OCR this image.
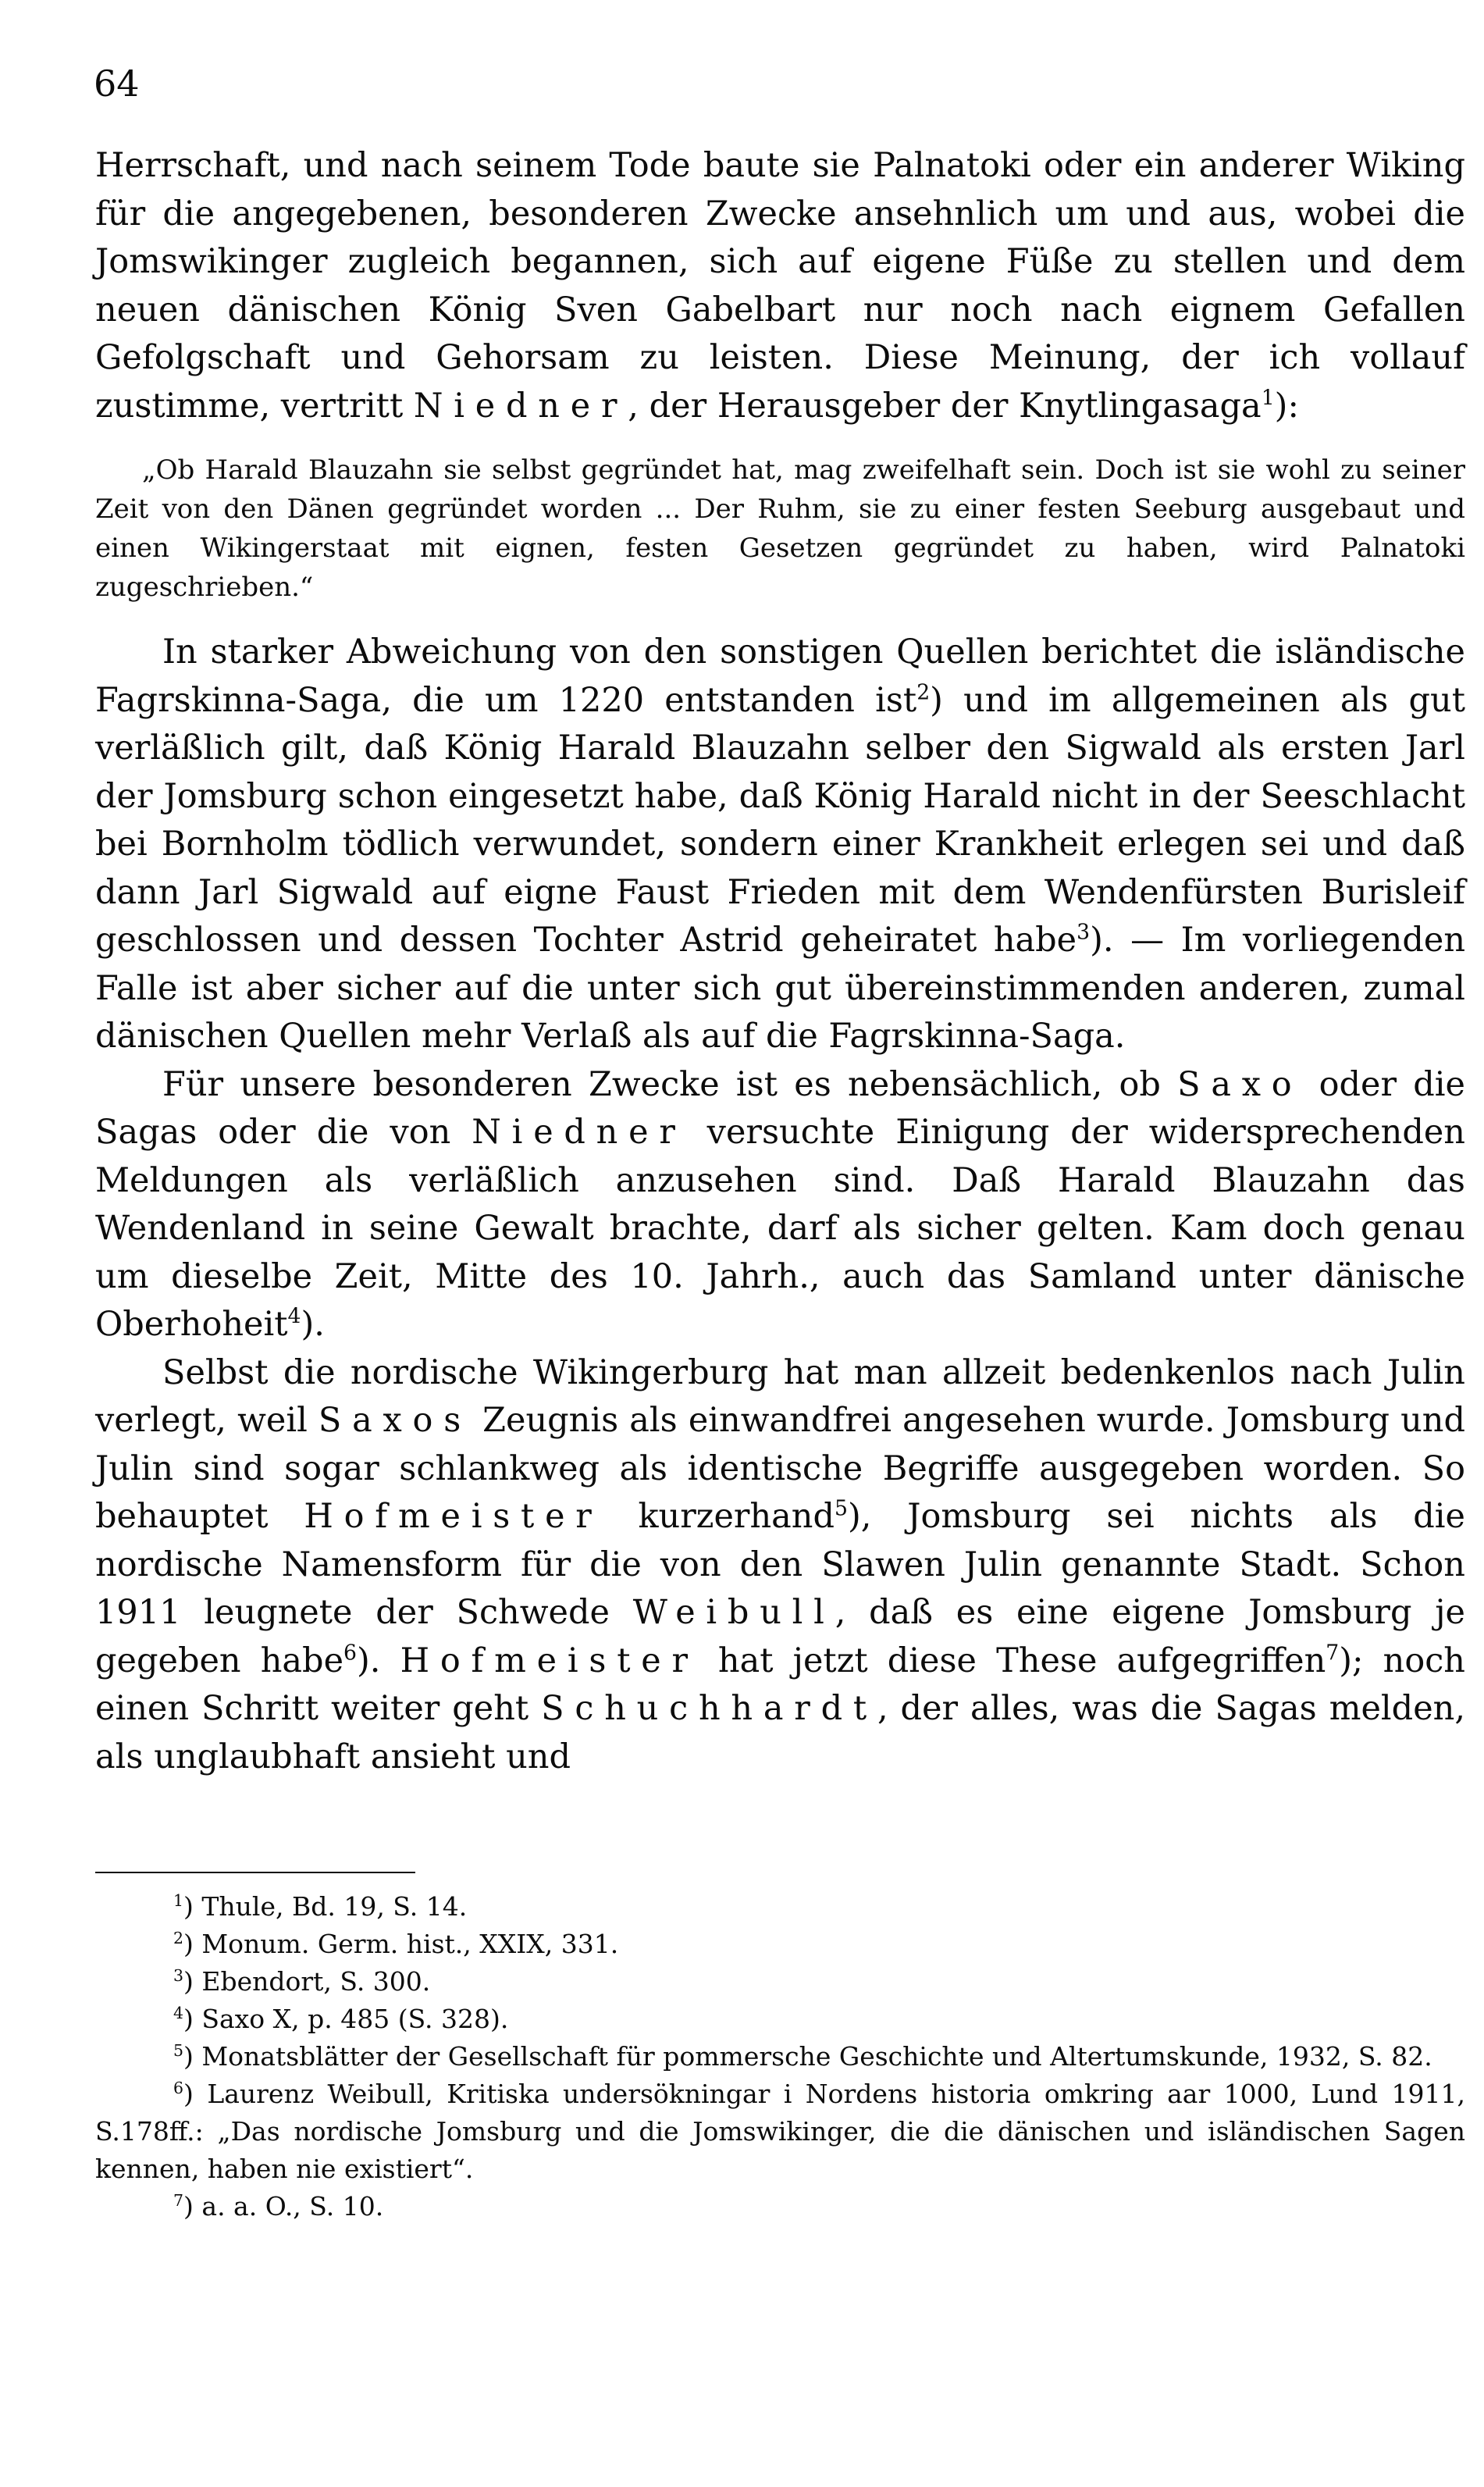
64

Herrschaft, und nach seinem Tode baute sie Palnatoki oder ein anderer Wiking für die angegebenen, besonderen Zwecke ansehnlich um und aus, wobei die Jomswikinger zugleich begannen, sich auf eigene Füße zu stellen und dem neuen dänischen König Sven Gabelbart nur noch nach eignem Gefallen Gefolgschaft und Gehorsam zu leisten. Diese Meinung, der ich vollauf zustimme, vertritt Niedner, der Herausgeber der Knytlingasaga$^1$):

„Ob Harald Blauzahn sie selbst gegründet hat, mag zweifelhaft sein. Doch ist sie wohl zu seiner Zeit von den Dänen gegründet worden ... Der Ruhm, sie zu einer festen Seeburg ausgebaut und einen Wikingerstaat mit eignen, festen Gesetzen gegründet zu haben, wird Palnatoki zugeschrieben.“

In starker Abweichung von den sonstigen Quellen berichtet die isländische Fagrskinna-Saga, die um 1220 entstanden ist$^2$) und im allgemeinen als gut verläßlich gilt, daß König Harald Blauzahn selber den Sigwald als ersten Jarl der Jomsburg schon eingesetzt habe, daß König Harald nicht in der Seeschlacht bei Bornholm tödlich verwundet, sondern einer Krankheit erlegen sei und daß dann Jarl Sigwald auf eigne Faust Frieden mit dem Wendenfürsten Burisleif geschlossen und dessen Tochter Astrid geheiratet habe$^3$). — Im vorliegenden Falle ist aber sicher auf die unter sich gut übereinstimmenden anderen, zumal dänischen Quellen mehr Verlaß als auf die Fagrskinna-Saga.

Für unsere besonderen Zwecke ist es nebensächlich, ob Saxo oder die Sagas oder die von Niedner versuchte Einigung der widersprechenden Meldungen als verläßlich anzusehen sind. Daß Harald Blauzahn das Wendenland in seine Gewalt brachte, darf als sicher gelten. Kam doch genau um dieselbe Zeit, Mitte des 10. Jahrh., auch das Samland unter dänische Oberhoheit$^4$).

Selbst die nordische Wikingerburg hat man allzeit bedenkenlos nach Julin verlegt, weil Saxos Zeugnis als einwandfrei angesehen wurde. Jomsburg und Julin sind sogar schlankweg als identische Begriffe ausgegeben worden. So behauptet Hofmeister kurzerhand$^5$), Jomsburg sei nichts als die nordische Namensform für die von den Slawen Julin genannte Stadt. Schon 1911 leugnete der Schwede Weibull, daß es eine eigene Jomsburg je gegeben habe$^6$). Hofmeister hat jetzt diese These aufgegriffen$^7$); noch einen Schritt weiter geht Schuchhardt, der alles, was die Sagas melden, als unglaubhaft ansieht und

$^1$) Thule, Bd. 19, S. 14.

$^2$) Monum. Germ. hist., XXIX, 331.

$^3$) Ebendort, S. 300.

$^4$) Saxo X, p. 485 (S. 328).

$^5$) Monatsblätter der Gesellschaft für pommersche Geschichte und Altertumskunde, 1932, S. 82.

$^6$) Laurenz Weibull, Kritiska undersökningar i Nordens historia omkring aar 1000, Lund 1911, S.178ff.: „Das nordische Jomsburg und die Jomswikinger, die die dänischen und isländischen Sagen kennen, haben nie existiert“.

$^7$) a. a. O., S. 10.
